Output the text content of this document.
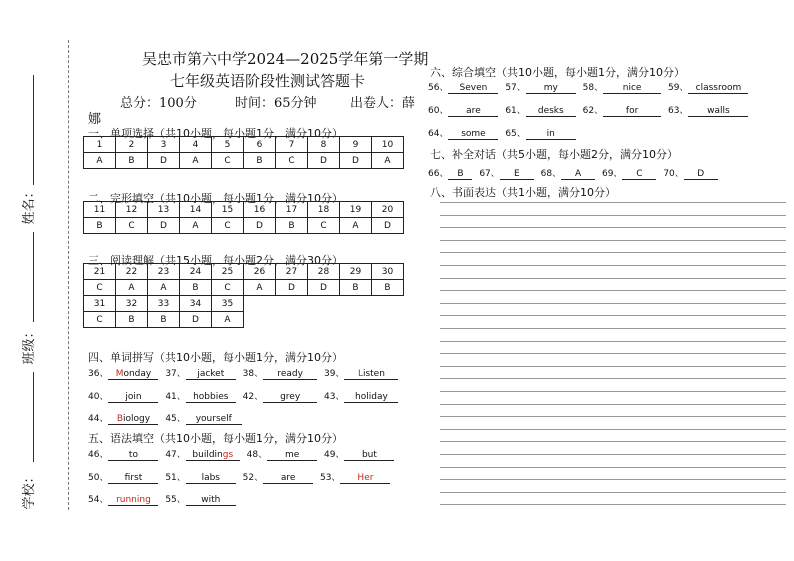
姓名：
班级：
学校：
吴忠市第六中学2024—2025学年第一学期
七年级英语阶段性测试答题卡
总分：100分	时间：65分钟	出卷人：薛
娜
一、单项选择（共10小题，每小题1分，满分10分）
1	2	3	4	5	6	7	8	9	10
A	B	D	A	C	B	C	D	D	A
二、完形填空（共10小题，每小题1分，满分10分）
11	12	13	14	15	16	17	18	19	20
B	C	D	A	C	D	B	C	A	D
三、阅读理解（共15小题，每小题2分，满分30分）
21	22	23	24	25	26	27	28	29	30
C	A	A	B	C	A	D	D	B	B
31	32	33	34	35					
C	B	B	D	A					
四、单词拼写（共10小题，每小题1分，满分10分）
36、 Monday 37、 jacket 38、 ready 39、 Listen
40、 join	41、 hobbies 42、 grey	43、 holiday
44、 Biology 45、 yourself
五、语法填空（共10小题，每小题1分，满分10分）
46、 to	47、 buildings 48、 me	49、 but
50、 first	51、 labs	52、 are	53、 Her
54、 running 55、 with
六、综合填空（共10小题，每小题1分，满分10分）
56、 Seven 57、 my	58、 nice	59、 classroom
60、 are	61、 desks 62、	for	63、 walls
64、 some 65、 in
七、补全对话（共5小题，每小题2分，满分10分）
66、 B 67、 E 68、 A 69、 C 70、 D
八、书面表达（共1小题，满分10分）
